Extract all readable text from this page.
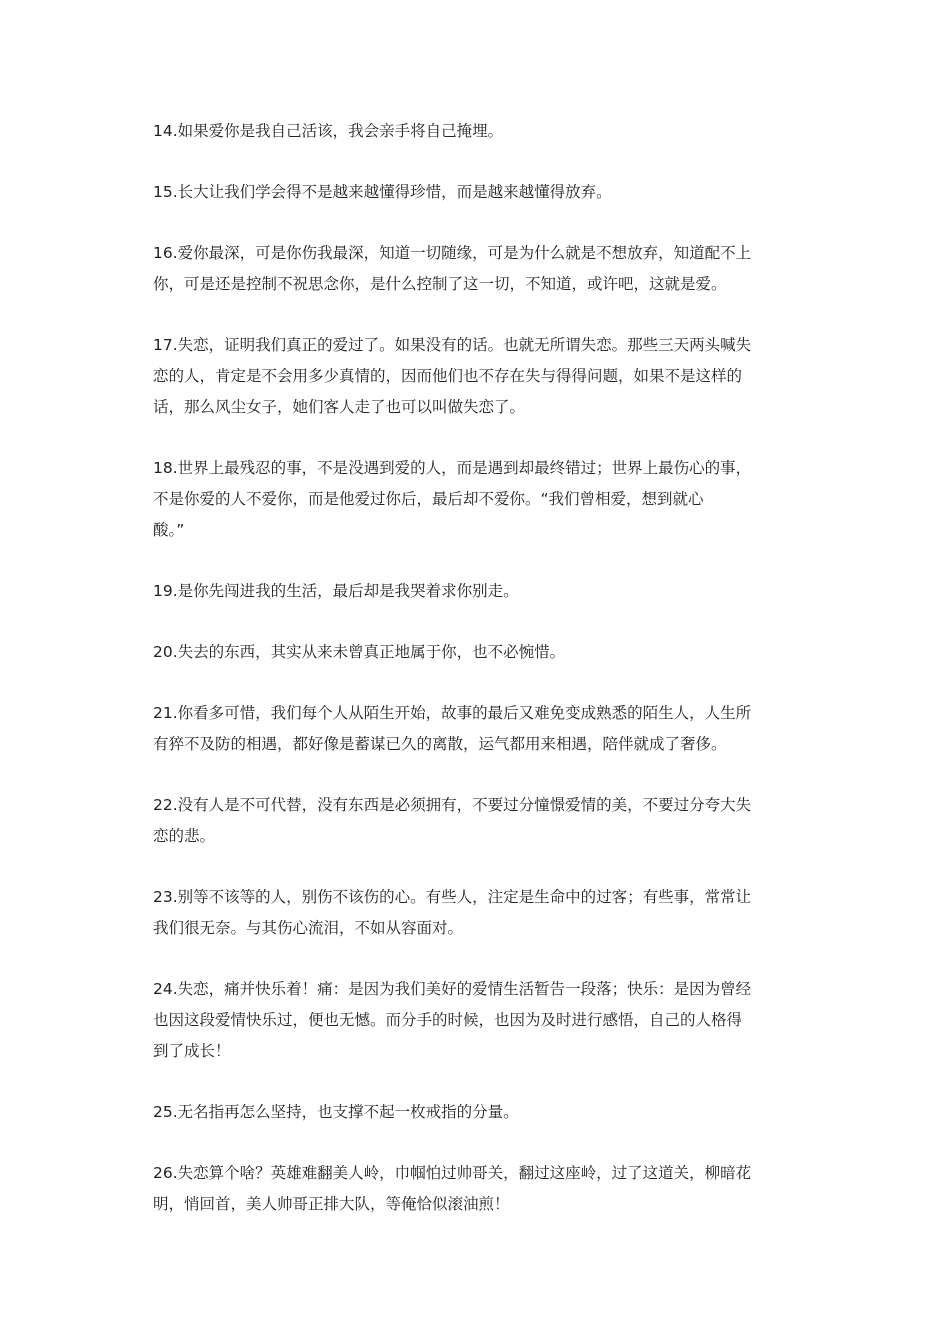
14.如果爱你是我自己活该，我会亲手将自己掩埋。
15.长大让我们学会得不是越来越懂得珍惜，而是越来越懂得放弃。
16.爱你最深，可是你伤我最深，知道一切随缘，可是为什么就是不想放弃，知道配不上
你，可是还是控制不祝思念你，是什么控制了这一切，不知道，或许吧，这就是爱。
17.失恋，证明我们真正的爱过了。如果没有的话。也就无所谓失恋。那些三天两头喊失
恋的人，肯定是不会用多少真情的，因而他们也不存在失与得得问题，如果不是这样的
话，那么风尘女子，她们客人走了也可以叫做失恋了。
18.世界上最残忍的事，不是没遇到爱的人，而是遇到却最终错过；世界上最伤心的事，
不是你爱的人不爱你，而是他爱过你后，最后却不爱你。“我们曾相爱，想到就心
酸。”
19.是你先闯进我的生活，最后却是我哭着求你别走。
20.失去的东西，其实从来未曾真正地属于你，也不必惋惜。
21.你看多可惜，我们每个人从陌生开始，故事的最后又难免变成熟悉的陌生人，人生所
有猝不及防的相遇，都好像是蓄谋已久的离散，运气都用来相遇，陪伴就成了奢侈。
22.没有人是不可代替，没有东西是必须拥有，不要过分憧憬爱情的美，不要过分夸大失
恋的悲。
23.别等不该等的人，别伤不该伤的心。有些人，注定是生命中的过客；有些事，常常让
我们很无奈。与其伤心流泪，不如从容面对。
24.失恋，痛并快乐着！痛：是因为我们美好的爱情生活暂告一段落；快乐：是因为曾经
也因这段爱情快乐过，便也无憾。而分手的时候，也因为及时进行感悟，自己的人格得
到了成长！
25.无名指再怎么坚持，也支撑不起一枚戒指的分量。
26.失恋算个啥？英雄难翻美人岭，巾帼怕过帅哥关，翻过这座岭，过了这道关，柳暗花
明，悄回首，美人帅哥正排大队，等俺恰似滚油煎！
